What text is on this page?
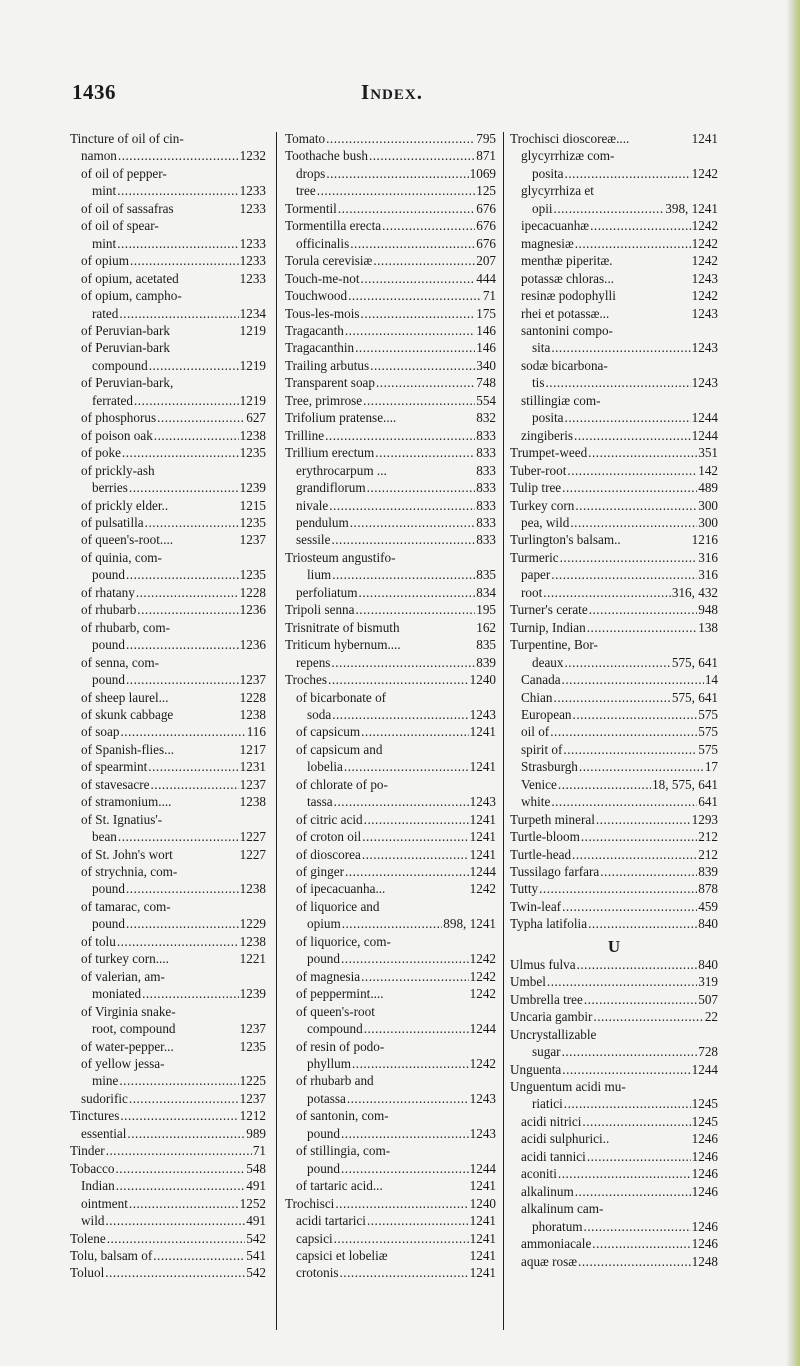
1436	Index.
Tincture of oil of cin-
namon .....	1232
of oil of pepper-
mint .....	1233
of oil of sassafras	1233
of oil of spear-
mint .....	1233
of opium .....	1233
of opium, acetated	1233
of opium, campho-
rated .....	1234
of Peruvian-bark	1219
of Peruvian-bark
compound .....	1219
of Peruvian-bark,
ferrated .....	1219
of phosphorus .....	627
of poison oak .....	1238
of poke .....	1235
of prickly-ash
berries .....	1239
of prickly elder..	1215
of pulsatilla .....	1235
of queen's-root....	1237
of quinia, com-
pound .....	1235
of rhatany .....	1228
of rhubarb .....	1236
of rhubarb, com-
pound .....	1236
of senna, com-
pound .....	1237
of sheep laurel...	1228
of skunk cabbage	1238
of soap .....	116
of Spanish-flies...	1217
of spearmint .....	1231
of stavesacre .....	1237
of stramonium....	1238
of St. Ignatius'-
bean .....	1227
of St. John's wort	1227
of strychnia, com-
pound .....	1238
of tamarac, com-
pound .....	1229
of tolu .....	1238
of turkey corn....	1221
of valerian, am-
moniated .....	1239
of Virginia snake-
root, compound	1237
of water-pepper...	1235
of yellow jessa-
mine .....	1225
sudorific .....	1237
Tinctures .....	1212
essential .....	989
Tinder .....	71
Tobacco .....	548
Indian .....	491
ointment .....	1252
wild .....	491
Tolene .....	542
Tolu, balsam of .....	541
Toluol .....	542
Tomato .....	795
Toothache bush .....	871
drops .....	1069
tree .....	125
Tormentil .....	676
Tormentilla erecta .....	676
officinalis .....	676
Torula cerevisiæ .....	207
Touch-me-not .....	444
Touchwood .....	71
Tous-les-mois .....	175
Tragacanth .....	146
Tragacanthin .....	146
Trailing arbutus .....	340
Transparent soap .....	748
Tree, primrose .....	554
Trifolium pratense....	832
Trilline .....	833
Trillium erectum .....	833
erythrocarpum ...	833
grandiflorum .....	833
nivale .....	833
pendulum .....	833
sessile .....	833
Triosteum angustifo-
lium .....	835
perfoliatum .....	834
Tripoli senna .....	195
Trisnitrate of bismuth	162
Triticum hybernum....	835
repens .....	839
Troches .....	1240
of bicarbonate of
soda .....	1243
of capsicum .....	1241
of capsicum and
lobelia .....	1241
of chlorate of po-
tassa .....	1243
of citric acid .....	1241
of croton oil .....	1241
of dioscorea .....	1241
of ginger .....	1244
of ipecacuanha...	1242
of liquorice and
opium .....	898, 1241
of liquorice, com-
pound .....	1242
of magnesia .....	1242
of peppermint....	1242
of queen's-root
compound .....	1244
of resin of podo-
phyllum .....	1242
of rhubarb and
potassa .....	1243
of santonin, com-
pound .....	1243
of stillingia, com-
pound .....	1244
of tartaric acid...	1241
Trochisci .....	1240
acidi tartarici .....	1241
capsici .....	1241
capsici et lobeliæ	1241
crotonis .....	1241
Trochisci dioscoreæ....	1241
glycyrrhizæ com-
posita .....	1242
glycyrrhiza et
opii .....	398, 1241
ipecacuanhæ .....	1242
magnesiæ .....	1242
menthæ piperitæ.	1242
potassæ chloras...	1243
resinæ podophylli	1242
rhei et potassæ...	1243
santonini compo-
sita .....	1243
sodæ bicarbona-
tis .....	1243
stillingiæ com-
posita .....	1244
zingiberis .....	1244
Trumpet-weed .....	351
Tuber-root .....	142
Tulip tree .....	489
Turkey corn .....	300
pea, wild .....	300
Turlington's balsam..	1216
Turmeric .....	316
paper .....	316
root .....	316, 432
Turner's cerate .....	948
Turnip, Indian .....	138
Turpentine, Bor-
deaux .....	575, 641
Canada .....	14
Chian .....	575, 641
European .....	575
oil of .....	575
spirit of .....	575
Strasburgh .....	17
Venice .....	18, 575, 641
white .....	641
Turpeth mineral .....	1293
Turtle-bloom .....	212
Turtle-head .....	212
Tussilago farfara .....	839
Tutty .....	878
Twin-leaf .....	459
Typha latifolia .....	840
U
Ulmus fulva .....	840
Umbel .....	319
Umbrella tree .....	507
Uncaria gambir .....	22
Uncrystallizable
sugar .....	728
Unguenta .....	1244
Unguentum acidi mu-
riatici .....	1245
acidi nitrici .....	1245
acidi sulphurici..	1246
acidi tannici .....	1246
aconiti .....	1246
alkalinum .....	1246
alkalinum cam-
phoratum .....	1246
ammoniacale .....	1246
aquæ rosæ .....	1248
